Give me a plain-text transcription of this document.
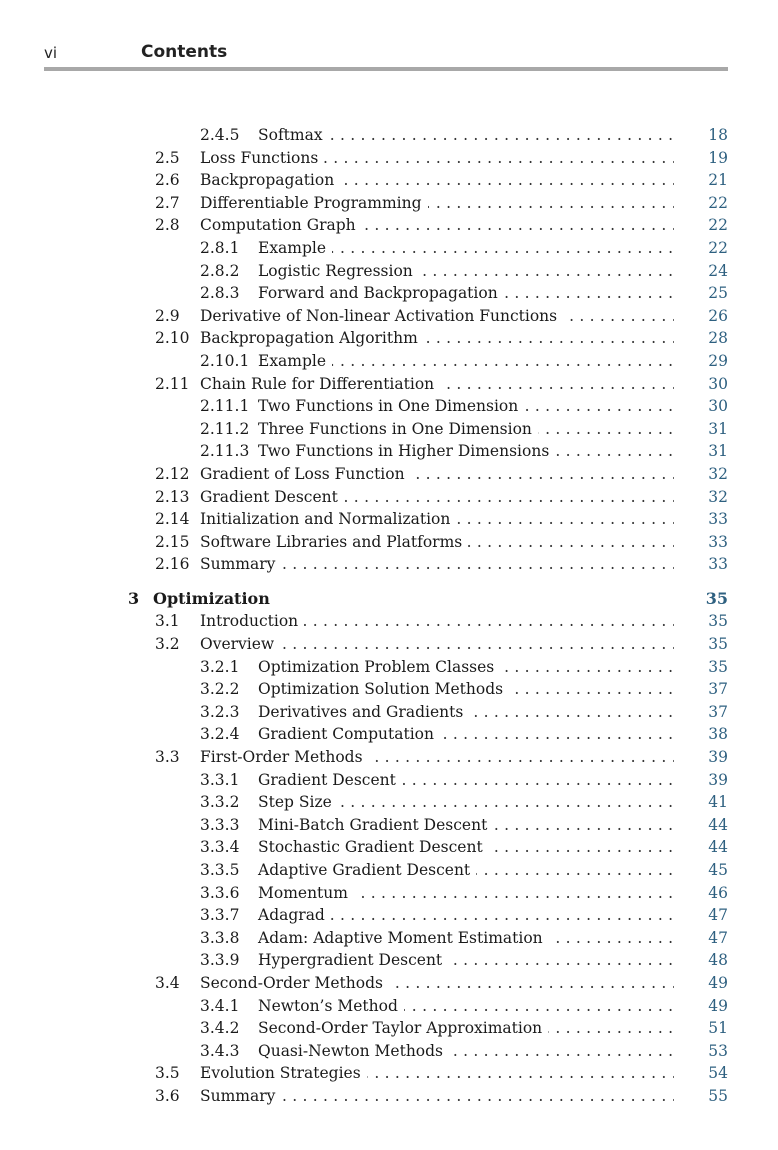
vi	Contents
2.4.5 Softmax . . .	18
2.5 Loss Functions . . .	19
2.6 Backpropagation . . .	21
2.7 Differentiable Programming . . .	22
2.8 Computation Graph . . .	22
2.8.1 Example . . .	22
2.8.2 Logistic Regression . . .	24
2.8.3 Forward and Backpropagation . . .	25
2.9 Derivative of Non-linear Activation Functions . . .	26
2.10 Backpropagation Algorithm . . .	28
2.10.1 Example . . .	29
2.11 Chain Rule for Differentiation . . .	30
2.11.1 Two Functions in One Dimension . . .	30
2.11.2 Three Functions in One Dimension . . .	31
2.11.3 Two Functions in Higher Dimensions . . .	31
2.12 Gradient of Loss Function . . .	32
2.13 Gradient Descent . . .	32
2.14 Initialization and Normalization . . .	33
2.15 Software Libraries and Platforms . . .	33
2.16 Summary . . .	33
3 Optimization	35
3.1 Introduction . . .	35
3.2 Overview . . .	35
3.2.1 Optimization Problem Classes . . .	35
3.2.2 Optimization Solution Methods . . .	37
3.2.3 Derivatives and Gradients . . .	37
3.2.4 Gradient Computation . . .	38
3.3 First-Order Methods . . .	39
3.3.1 Gradient Descent . . .	39
3.3.2 Step Size . . .	41
3.3.3 Mini-Batch Gradient Descent . . .	44
3.3.4 Stochastic Gradient Descent . . .	44
3.3.5 Adaptive Gradient Descent . . .	45
3.3.6 Momentum . . .	46
3.3.7 Adagrad . . .	47
3.3.8 Adam: Adaptive Moment Estimation . . .	47
3.3.9 Hypergradient Descent . . .	48
3.4 Second-Order Methods . . .	49
3.4.1 Newton’s Method . . .	49
3.4.2 Second-Order Taylor Approximation . . .	51
3.4.3 Quasi-Newton Methods . . .	53
3.5 Evolution Strategies . . .	54
3.6 Summary . . .	55
